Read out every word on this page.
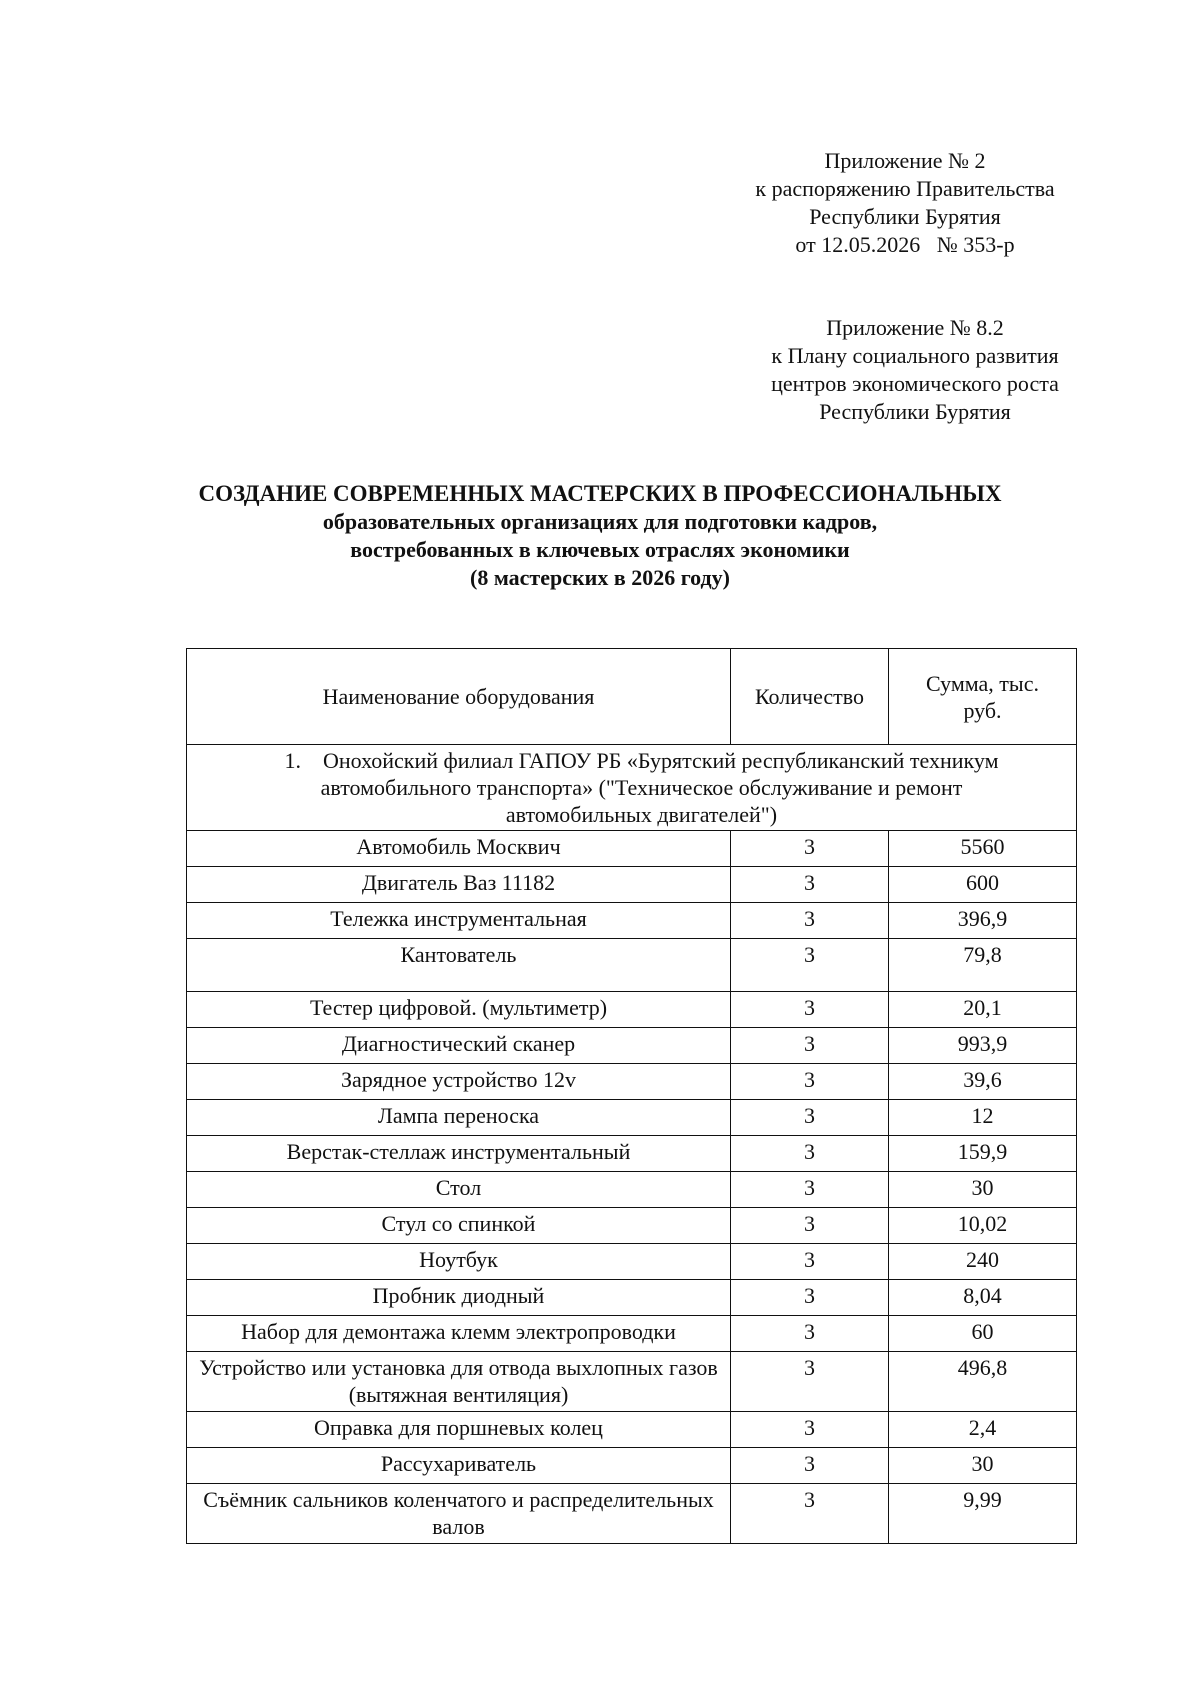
Приложение № 2
к распоряжению Правительства
Республики Бурятия
от 12.05.2026   № 353-р
Приложение № 8.2
к Плану социального развития
центров экономического роста
Республики Бурятия
СОЗДАНИЕ СОВРЕМЕННЫХ МАСТЕРСКИХ В ПРОФЕССИОНАЛЬНЫХ
образовательных организациях для подготовки кадров,
востребованных в ключевых отраслях экономики
(8 мастерских в 2026 году)
Наименование оборудования	Количество	Сумма, тыс. руб.
1. Онохойский филиал ГАПОУ РБ «Бурятский республиканский техникум автомобильного транспорта» ("Техническое обслуживание и ремонт автомобильных двигателей")		
Автомобиль Москвич	3	5560
Двигатель Ваз 11182	3	600
Тележка инструментальная	3	396,9
Кантователь	3	79,8
Тестер цифровой. (мультиметр)	3	20,1
Диагностический сканер	3	993,9
Зарядное устройство 12v	3	39,6
Лампа переноска	3	12
Верстак-стеллаж инструментальный	3	159,9
Стол	3	30
Стул со спинкой	3	10,02
Ноутбук	3	240
Пробник диодный	3	8,04
Набор для демонтажа клемм электропроводки	3	60
Устройство или установка для отвода выхлопных газов (вытяжная вентиляция)	3	496,8
Оправка для поршневых колец	3	2,4
Рассухариватель	3	30
Съёмник сальников коленчатого и распределительных валов	3	9,99
